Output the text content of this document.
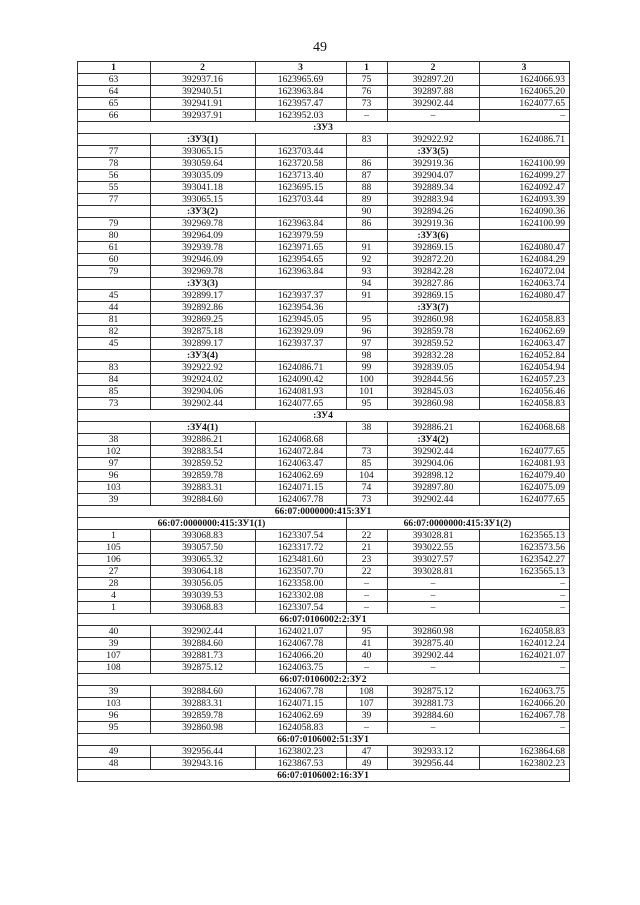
49
1	2	3	1	2	3
63	392937.16	1623965.69	75	392897.20	1624066.93
64	392940.51	1623963.84	76	392897.88	1624065.20
65	392941.91	1623957.47	73	392902.44	1624077.65
66	392937.91	1623952.03	–	–	–
:ЗУ3					
	:ЗУ3(1)		83	392922.92	1624086.71
77	393065.15	1623703.44		:ЗУ3(5)	
78	393059.64	1623720.58	86	392919.36	1624100.99
56	393035.09	1623713.40	87	392904.07	1624099.27
55	393041.18	1623695.15	88	392889.34	1624092.47
77	393065.15	1623703.44	89	392883.94	1624093.39
	:ЗУ3(2)		90	392894.26	1624090.36
79	392969.78	1623963.84	86	392919.36	1624100.99
80	392964.09	1623979.59		:ЗУ3(6)	
61	392939.78	1623971.65	91	392869.15	1624080.47
60	392946.09	1623954.65	92	392872.20	1624084.29
79	392969.78	1623963.84	93	392842.28	1624072.04
	:ЗУ3(3)		94	392827.86	1624063.74
45	392899.17	1623937.37	91	392869.15	1624080.47
44	392892.86	1623954.36		:ЗУ3(7)	
81	392869.25	1623945.05	95	392860.98	1624058.83
82	392875.18	1623929.09	96	392859.78	1624062.69
45	392899.17	1623937.37	97	392859.52	1624063.47
	:ЗУ3(4)		98	392832.28	1624052.84
83	392922.92	1624086.71	99	392839.05	1624054.94
84	392924.02	1624090.42	100	392844.56	1624057.23
85	392904.06	1624081.93	101	392845.03	1624056.46
73	392902.44	1624077.65	95	392860.98	1624058.83
:ЗУ4					
	:ЗУ4(1)		38	392886.21	1624068.68
38	392886.21	1624068.68		:ЗУ4(2)	
102	392883.54	1624072.84	73	392902.44	1624077.65
97	392859.52	1624063.47	85	392904.06	1624081.93
96	392859.78	1624062.69	104	392898.12	1624079.40
103	392883.31	1624071.15	74	392897.80	1624075.09
39	392884.60	1624067.78	73	392902.44	1624077.65
66:07:0000000:415:ЗУ1					
66:07:0000000:415:ЗУ1(1)			66:07:0000000:415:ЗУ1(2)		
1	393068.83	1623307.54	22	393028.81	1623565.13
105	393057.50	1623317.72	21	393022.55	1623573.56
106	393065.32	1623481.60	23	393027.57	1623542.27
27	393064.18	1623507.70	22	393028.81	1623565.13
28	393056.05	1623358.00	–	–	–
4	393039.53	1623302.08	–	–	–
1	393068.83	1623307.54	–	–	–
66:07:0106002:2:ЗУ1					
40	392902.44	1624021.07	95	392860.98	1624058.83
39	392884.60	1624067.78	41	392875.40	1624012.24
107	392881.73	1624066.20	40	392902.44	1624021.07
108	392875.12	1624063.75	–	–	–
66:07:0106002:2:ЗУ2					
39	392884.60	1624067.78	108	392875.12	1624063.75
103	392883.31	1624071.15	107	392881.73	1624066.20
96	392859.78	1624062.69	39	392884.60	1624067.78
95	392860.98	1624058.83	–	–	–
66:07:0106002:51:ЗУ1					
49	392956.44	1623802.23	47	392933.12	1623864.68
48	392943.16	1623867.53	49	392956.44	1623802.23
66:07:0106002:16:ЗУ1					
